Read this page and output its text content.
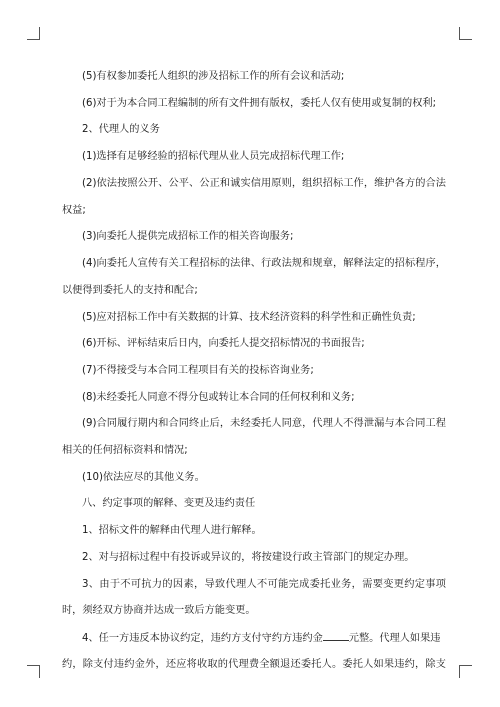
(5)有权参加委托人组织的涉及招标工作的所有会议和活动;
(6)对于为本合同工程编制的所有文件拥有版权，委托人仅有使用或复制的权利;
2、代理人的义务
(1)选择有足够经验的招标代理从业人员完成招标代理工作;
(2)依法按照公开、公平、公正和诚实信用原则，组织招标工作，维护各方的合法
权益;
(3)向委托人提供完成招标工作的相关咨询服务;
(4)向委托人宣传有关工程招标的法律、行政法规和规章，解释法定的招标程序，
以便得到委托人的支持和配合;
(5)应对招标工作中有关数据的计算、技术经济资料的科学性和正确性负责;
(6)开标、评标结束后日内，向委托人提交招标情况的书面报告;
(7)不得接受与本合同工程项目有关的投标咨询业务;
(8)未经委托人同意不得分包或转让本合同的任何权利和义务;
(9)合同履行期内和合同终止后，未经委托人同意，代理人不得泄漏与本合同工程
相关的任何招标资料和情况;
(10)依法应尽的其他义务。
八、约定事项的解释、变更及违约责任
1、招标文件的解释由代理人进行解释。
2、对与招标过程中有投诉或异议的，将按建设行政主管部门的规定办理。
3、由于不可抗力的因素，导致代理人不可能完成委托业务，需要变更约定事项
时，须经双方协商并达成一致后方能变更。
4、任一方违反本协议约定，违约方支付守约方违约金	元整。代理人如果违
约，除支付违约金外，还应将收取的代理费全额退还委托人。委托人如果违约，除支
